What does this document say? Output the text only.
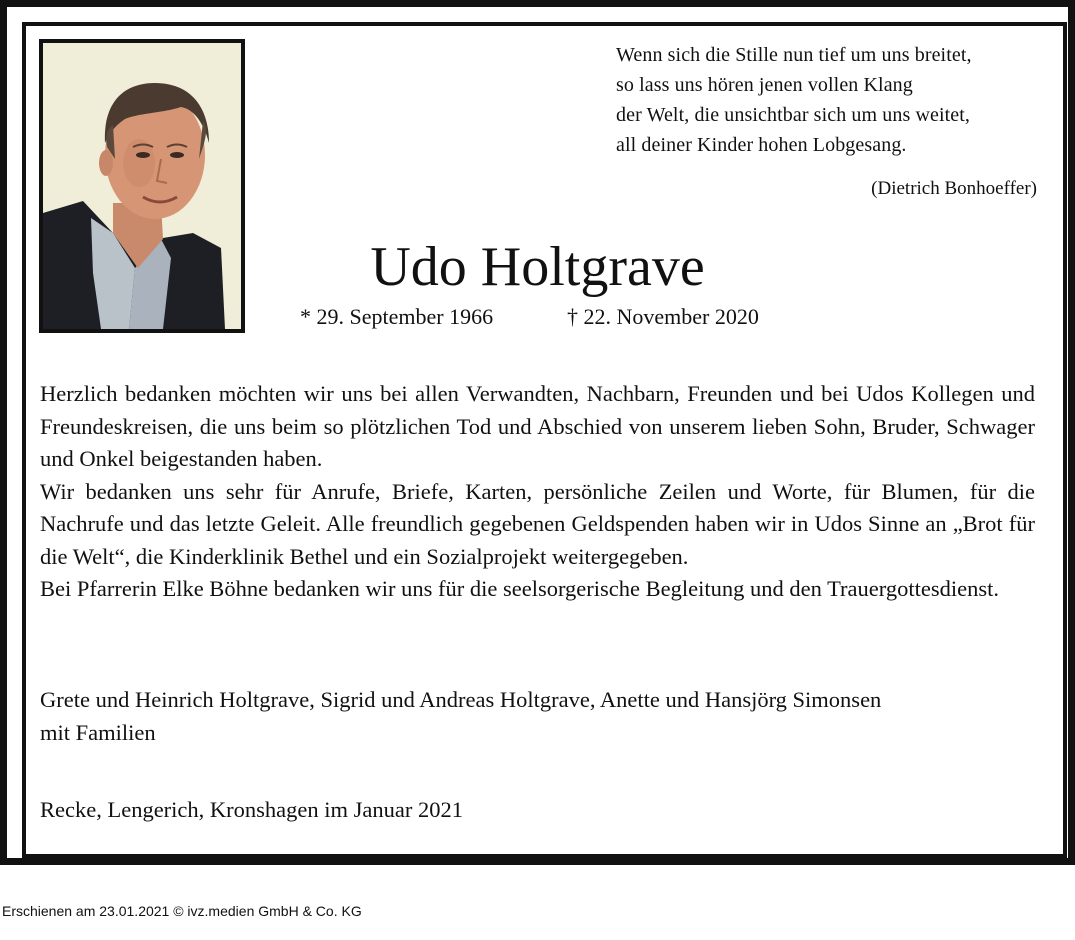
Wenn sich die Stille nun tief um uns breitet,
so lass uns hören jenen vollen Klang
der Welt, die unsichtbar sich um uns weitet,
all deiner Kinder hohen Lobgesang.
(Dietrich Bonhoeffer)
Udo Holtgrave
* 29. September 1966	† 22. November 2020

Herzlich bedanken möchten wir uns bei allen Verwandten, Nachbarn, Freunden und bei Udos Kollegen und Freundeskreisen, die uns beim so plötzlichen Tod und Abschied von unserem lieben Sohn, Bruder, Schwager und Onkel beigestanden haben.

Wir bedanken uns sehr für Anrufe, Briefe, Karten, persönliche Zeilen und Worte, für Blumen, für die Nachrufe und das letzte Geleit. Alle freundlich gegebenen Geldspenden haben wir in Udos Sinne an „Brot für die Welt“, die Kinderklinik Bethel und ein Sozialprojekt weitergegeben.

Bei Pfarrerin Elke Böhne bedanken wir uns für die seelsorgerische Begleitung und den Trauergottesdienst.

Grete und Heinrich Holtgrave, Sigrid und Andreas Holtgrave, Anette und Hansjörg Simonsen
mit Familien
Recke, Lengerich, Kronshagen im Januar 2021
Erschienen am 23.01.2021 © ivz.medien GmbH & Co. KG
